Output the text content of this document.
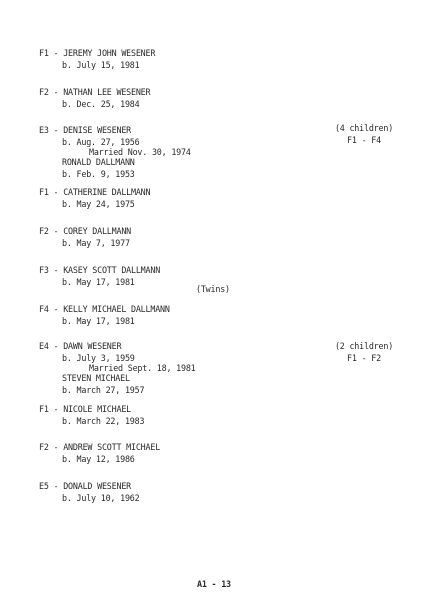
F1 - JEREMY JOHN WESENER
b. July 15, 1981
F2 - NATHAN LEE WESENER
b. Dec. 25, 1984
E3 - DENISE WESENER
b. Aug. 27, 1956
Married Nov. 30, 1974
RONALD DALLMANN
b. Feb. 9, 1953
(4 children)
F1 - F4
F1 - CATHERINE DALLMANN
b. May 24, 1975
F2 - COREY DALLMANN
b. May 7, 1977
F3 - KASEY SCOTT DALLMANN
b. May 17, 1981
(Twins)
F4 - KELLY MICHAEL DALLMANN
b. May 17, 1981
E4 - DAWN WESENER
b. July 3, 1959
Married Sept. 18, 1981
STEVEN MICHAEL
b. March 27, 1957
(2 children)
F1 - F2
F1 - NICOLE MICHAEL
b. March 22, 1983
F2 - ANDREW SCOTT MICHAEL
b. May 12, 1986
E5 - DONALD WESENER
b. July 10, 1962
A1 - 13
